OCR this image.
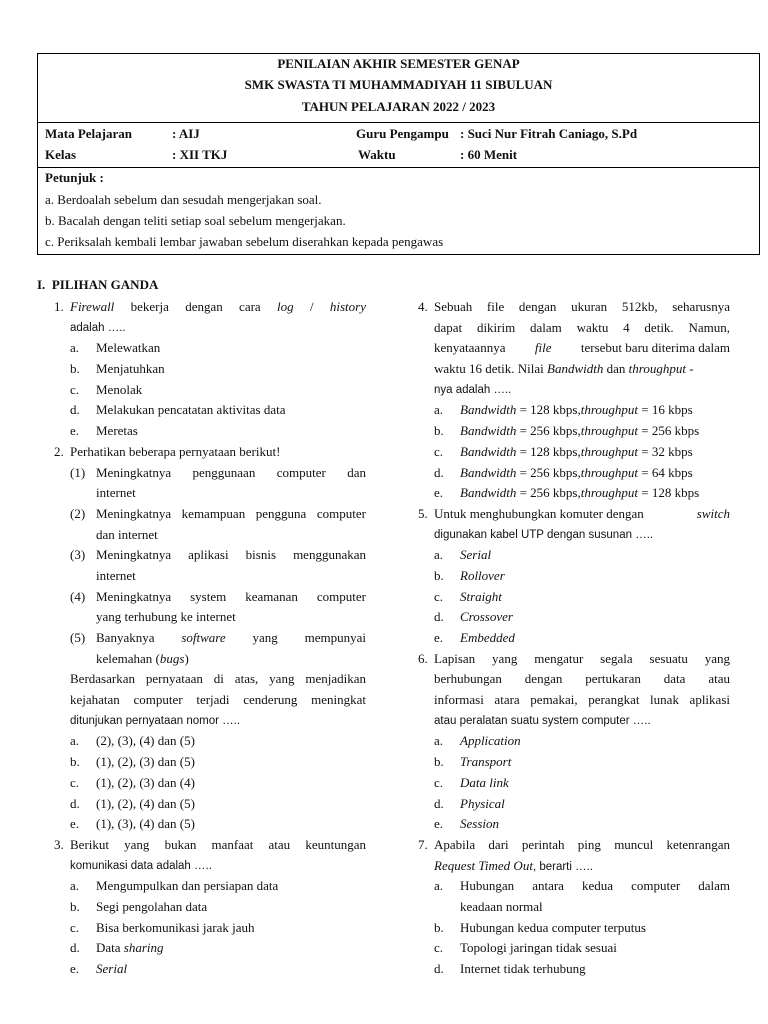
PENILAIAN AKHIR SEMESTER GENAP
SMK SWASTA TI MUHAMMADIYAH 11 SIBULUAN
TAHUN PELAJARAN 2022 / 2023
Mata Pelajaran	: AIJ	Guru Pengampu : Suci Nur Fitrah Caniago, S.Pd
Kelas	: XII TKJ	Waktu	: 60 Menit
Petunjuk :
a. Berdoalah sebelum dan sesudah mengerjakan soal.
b. Bacalah dengan teliti setiap soal sebelum mengerjakan.
c. Periksalah kembali lembar jawaban sebelum diserahkan kepada pengawas
I. PILIHAN GANDA
1. Firewall bekerja dengan cara log / history
adalah …..
a.	Melewatkan
b.	Menjatuhkan
c.	Menolak
d.	Melakukan pencatatan aktivitas data
e.	Meretas
2. Perhatikan beberapa pernyataan berikut!
(1) Meningkatnya penggunaan computer dan
internet
(2) Meningkatnya kemampuan pengguna computer
dan internet
(3) Meningkatnya aplikasi bisnis menggunakan
internet
(4) Meningkatnya system keamanan computer
yang terhubung ke internet
(5) Banyaknya software yang mempunyai
kelemahan (bugs)
Berdasarkan pernyataan di atas, yang menjadikan
kejahatan computer terjadi cenderung meningkat
ditunjukan pernyataan nomor …..
a.	(2), (3), (4) dan (5)
b.	(1), (2), (3) dan (5)
c.	(1), (2), (3) dan (4)
d.	(1), (2), (4) dan (5)
e.	(1), (3), (4) dan (5)
3. Berikut yang bukan manfaat atau keuntungan
komunikasi data adalah …..
a.	Mengumpulkan dan persiapan data
b.	Segi pengolahan data
c.	Bisa berkomunikasi jarak jauh
d.	Data
sharing
e.	Serial
4. Sebuah file dengan ukuran 512kb, seharusnya
dapat dikirim dalam waktu 4 detik. Namun,
kenyataannya file tersebut baru diterima dalam
waktu 16 detik. Nilai Bandwidth dan throughput -
nya adalah …..
a.	Bandwidth
= 128 kbps, throughput
= 16 kbps
b.	Bandwidth
= 256 kbps, throughput
= 256 kbps
c.	Bandwidth
= 128 kbps, throughput
= 32 kbps
d.	Bandwidth
= 256 kbps, throughput
= 64 kbps
e.	Bandwidth
= 256 kbps, throughput
= 128 kbps
5. Untuk menghubungkan komuter dengan	switch
digunakan kabel UTP dengan susunan …..
a.	Serial
b.	Rollover
c.	Straight
d.	Crossover
e.	Embedded
6. Lapisan yang mengatur segala sesuatu yang
berhubungan dengan pertukaran data atau
informasi atara pemakai, perangkat lunak aplikasi
atau peralatan suatu system computer …..
a.	Application
b.	Transport
c.	Data link
d.	Physical
e.	Session
7. Apabila dari perintah ping muncul ketenrangan
Request Timed Out, berarti …..
a.	Hubungan antara kedua computer dalam
keadaan normal
b.	Hubungan kedua computer terputus
c.	Topologi jaringan tidak sesuai
d.	Internet tidak terhubung
